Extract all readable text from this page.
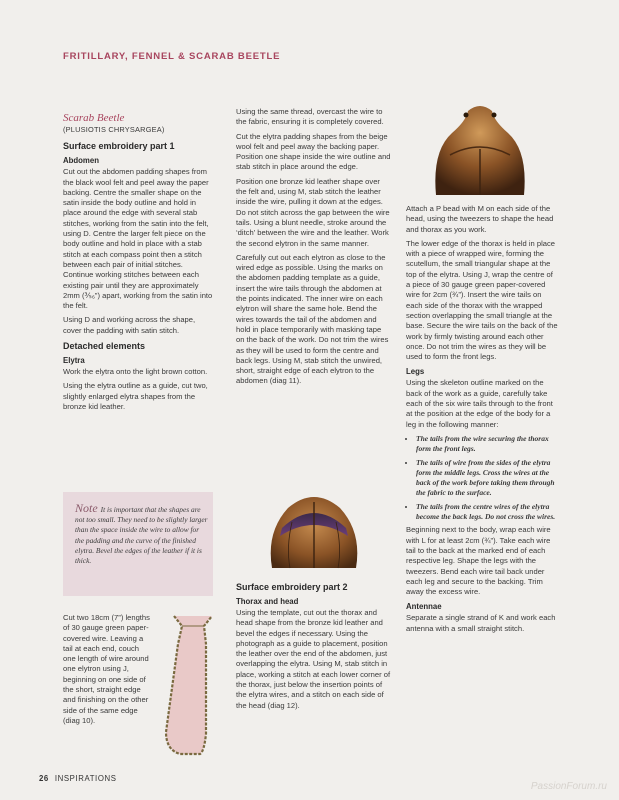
FRITILLARY, FENNEL & SCARAB BEETLE
Scarab Beetle
(PLUSIOTIS CHRYSARGEA)
Surface embroidery part 1
Abdomen

Cut out the abdomen padding shapes from the black wool felt and peel away the paper backing. Centre the smaller shape on the satin inside the body outline and hold in place around the edge with several stab stitches, working from the satin into the felt, using D. Centre the larger felt piece on the body outline and hold in place with a stab stitch at each compass point then a stitch between each pair of initial stitches. Continue working stitches between each existing pair until they are approximately 2mm (⅗₆”) apart, working from the satin into the felt.

Using D and working across the shape, cover the padding with satin stitch.

Detached elements
Elytra

Work the elytra onto the light brown cotton.

Using the elytra outline as a guide, cut two, slightly enlarged elytra shapes from the bronze kid leather.

Note It is important that the shapes are not too small. They need to be slightly larger than the space inside the wire to allow for the padding and the curve of the finished elytra. Bevel the edges of the leather if it is thick.
Cut two 18cm (7”) lengths of 30 gauge green paper-covered wire. Leaving a tail at each end, couch one length of wire around one elytron using J, beginning on one side of the short, straight edge and finishing on the other side of the same edge (diag 10).

Using the same thread, overcast the wire to the fabric, ensuring it is completely covered.

Cut the elytra padding shapes from the beige wool felt and peel away the backing paper. Position one shape inside the wire outline and stab stitch in place around the edge.

Position one bronze kid leather shape over the felt and, using M, stab stitch the leather inside the wire, pulling it down at the edges. Do not stitch across the gap between the wire tails. Using a blunt needle, stroke around the ‘ditch’ between the wire and the leather. Work the second elytron in the same manner.

Carefully cut out each elytron as close to the wired edge as possible. Using the marks on the abdomen padding template as a guide, insert the wire tails through the abdomen at the points indicated. The inner wire on each elytron will share the same hole. Bend the wires towards the tail of the abdomen and hold in place temporarily with masking tape on the back of the work. Do not trim the wires as they will be used to form the centre and back legs. Using M, stab stitch the unwired, short, straight edge of each elytron to the abdomen (diag 11).

Surface embroidery part 2
Thorax and head

Using the template, cut out the thorax and head shape from the bronze kid leather and bevel the edges if necessary. Using the photograph as a guide to placement, position the leather over the end of the abdomen, just overlapping the elytra. Using M, stab stitch in place, working a stitch at each lower corner of the thorax, just below the insertion points of the elytra wires, and a stitch on each side of the head (diag 12).

Attach a P bead with M on each side of the head, using the tweezers to shape the head and thorax as you work.

The lower edge of the thorax is held in place with a piece of wrapped wire, forming the scutellum, the small triangular shape at the top of the elytra. Using J, wrap the centre of a piece of 30 gauge green paper-covered wire for 2cm (¾”). Insert the wire tails on each side of the thorax with the wrapped section overlapping the small triangle at the base. Secure the wire tails on the back of the work by firmly twisting around each other once. Do not trim the wires as they will be used to form the front legs.

Legs

Using the skeleton outline marked on the back of the work as a guide, carefully take each of the six wire tails through to the front at the position at the edge of the body for a leg in the following manner:

• The tails from the wire securing the thorax form the front legs.
• The tails of wire from the sides of the elytra form the middle legs. Cross the wires at the back of the work before taking them through the fabric to the surface.
• The tails from the centre wires of the elytra become the back legs. Do not cross the wires.

Beginning next to the body, wrap each wire with L for at least 2cm (¾”). Take each wire tail to the back at the marked end of each respective leg. Shape the legs with the tweezers. Bend each wire tail back under each leg and secure to the backing. Trim away the excess wire.

Antennae

Separate a single strand of K and work each antenna with a small straight stitch.

26 INSPIRATIONS
PassionForum.ru
